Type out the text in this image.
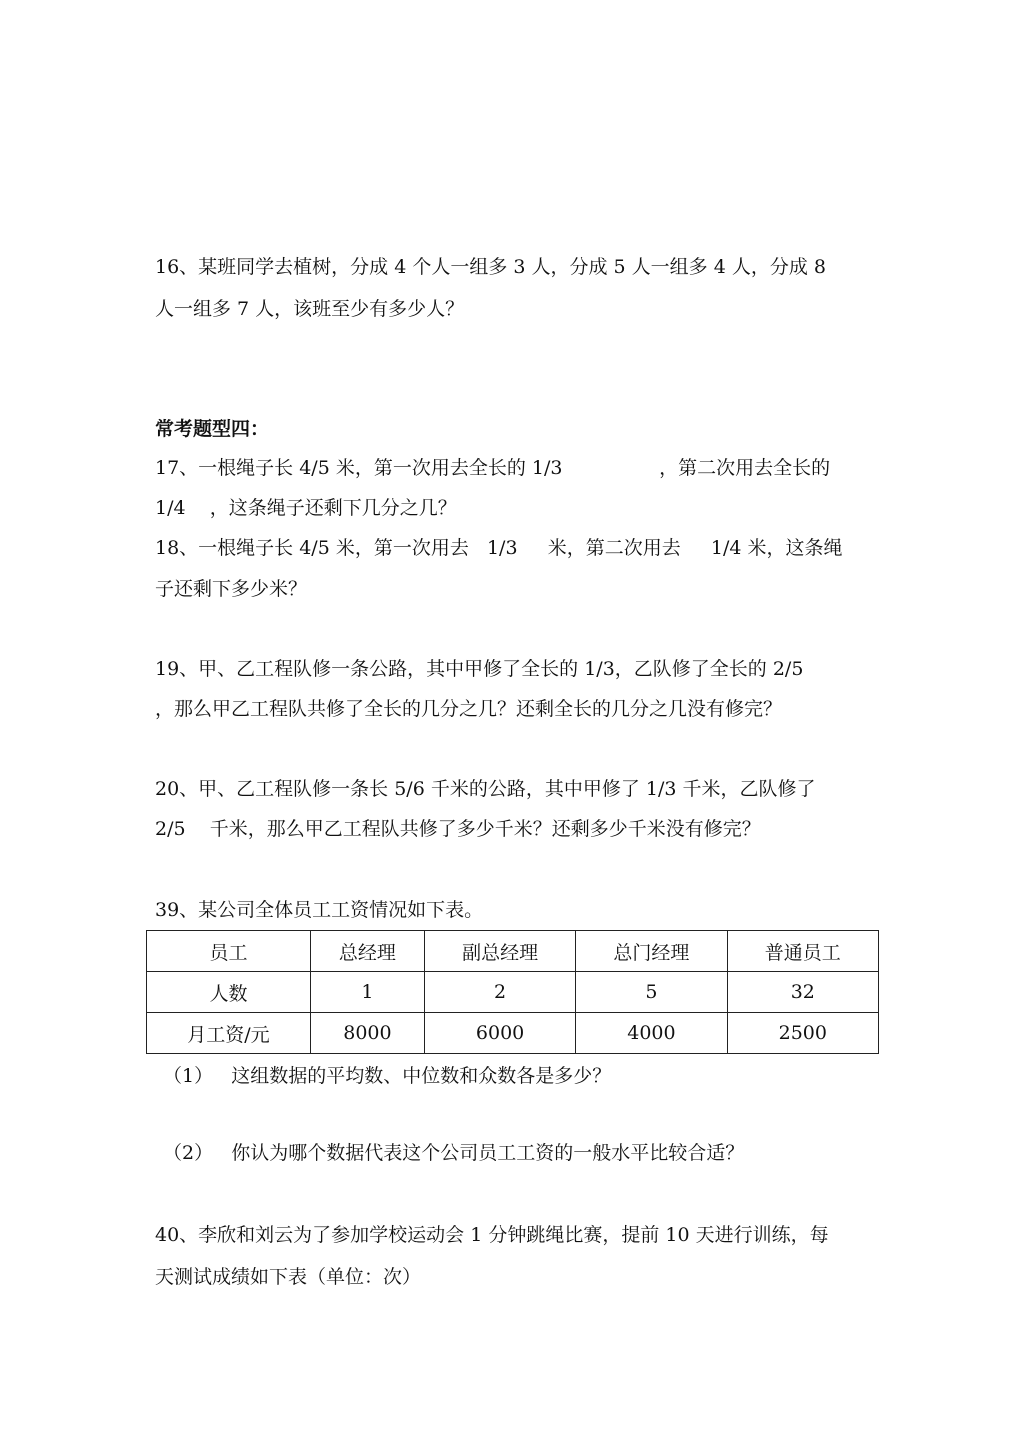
16、某班同学去植树，分成 4 个人一组多 3 人，分成 5 人一组多 4 人，分成 8
人一组多 7 人，该班至少有多少人？
常考题型四：
17、一根绳子长 4/5 米，第一次用去全长的 1/3                ，第二次用去全长的
1/4    ，这条绳子还剩下几分之几？
18、一根绳子长 4/5 米，第一次用去   1/3     米，第二次用去     1/4 米，这条绳
子还剩下多少米？
19、甲、乙工程队修一条公路，其中甲修了全长的 1/3，乙队修了全长的 2/5
，那么甲乙工程队共修了全长的几分之几？还剩全长的几分之几没有修完？
20、甲、乙工程队修一条长 5/6 千米的公路，其中甲修了 1/3 千米，乙队修了
2/5    千米，那么甲乙工程队共修了多少千米？还剩多少千米没有修完？
39、某公司全体员工工资情况如下表。
员工	总经理	副总经理	总门经理	普通员工
人数	1	2	5	32
月工资/元	8000	6000	4000	2500
（1）   这组数据的平均数、中位数和众数各是多少？
（2）   你认为哪个数据代表这个公司员工工资的一般水平比较合适？
40、李欣和刘云为了参加学校运动会 1 分钟跳绳比赛，提前 10 天进行训练，每
天测试成绩如下表（单位：次）
